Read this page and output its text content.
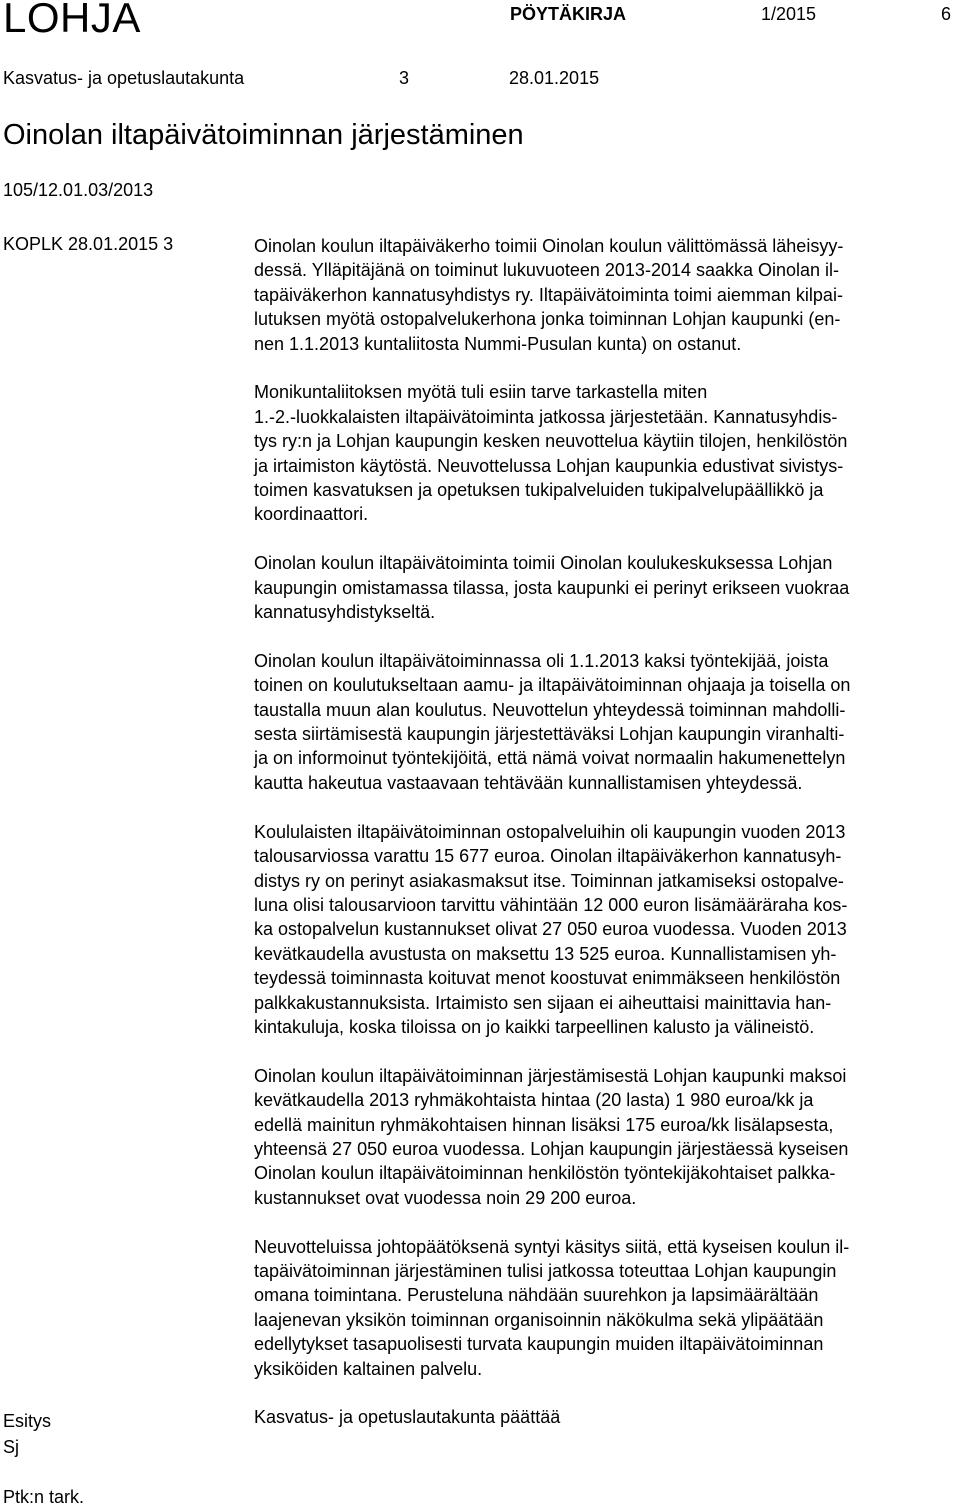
LOHJA	PÖYTÄKIRJA	1/2015	6
Kasvatus- ja opetuslautakunta	3	28.01.2015
Oinolan iltapäivätoiminnan järjestäminen
105/12.01.03/2013
KOPLK 28.01.2015 3	Oinolan koulun iltapäiväkerho toimii Oinolan koulun välittömässä läheisyy-
dessä. Ylläpitäjänä on toiminut lukuvuoteen 2013-2014 saakka Oinolan il-
tapäiväkerhon kannatusyhdistys ry. Iltapäivätoiminta toimi aiemman kilpai-
lutuksen myötä ostopalvelukerhona jonka toiminnan Lohjan kaupunki (en-
nen 1.1.2013 kuntaliitosta Nummi-Pusulan kunta) on ostanut.

Monikuntaliitoksen myötä tuli esiin tarve tarkastella miten
1.-2.-luokkalaisten iltapäivätoiminta jatkossa järjestetään. Kannatusyhdis-
tys ry:n ja Lohjan kaupungin kesken neuvottelua käytiin tilojen, henkilöstön
ja irtaimiston käytöstä. Neuvottelussa Lohjan kaupunkia edustivat sivistys-
toimen kasvatuksen ja opetuksen tukipalveluiden tukipalvelupäällikkö ja
koordinaattori.

Oinolan koulun iltapäivätoiminta toimii Oinolan koulukeskuksessa Lohjan
kaupungin omistamassa tilassa, josta kaupunki ei perinyt erikseen vuokraa
kannatusyhdistykseltä.

Oinolan koulun iltapäivätoiminnassa oli 1.1.2013 kaksi työntekijää, joista
toinen on koulutukseltaan aamu- ja iltapäivätoiminnan ohjaaja ja toisella on
taustalla muun alan koulutus. Neuvottelun yhteydessä toiminnan mahdolli-
sesta siirtämisestä kaupungin järjestettäväksi Lohjan kaupungin viranhalti-
ja on informoinut työntekijöitä, että nämä voivat normaalin hakumenettelyn
kautta hakeutua vastaavaan tehtävään kunnallistamisen yhteydessä.

Koululaisten iltapäivätoiminnan ostopalveluihin oli kaupungin vuoden 2013
talousarviossa varattu 15 677 euroa. Oinolan iltapäiväkerhon kannatusyh-
distys ry on perinyt asiakasmaksut itse. Toiminnan jatkamiseksi ostopalve-
luna olisi talousarvioon tarvittu vähintään 12 000 euron lisämääräraha kos-
ka ostopalvelun kustannukset olivat 27 050 euroa vuodessa. Vuoden 2013
kevätkaudella avustusta on maksettu 13 525 euroa. Kunnallistamisen yh-
teydessä toiminnasta koituvat menot koostuvat enimmäkseen henkilöstön
palkkakustannuksista. Irtaimisto sen sijaan ei aiheuttaisi mainittavia han-
kintakuluja, koska tiloissa on jo kaikki tarpeellinen kalusto ja välineistö.

Oinolan koulun iltapäivätoiminnan järjestämisestä Lohjan kaupunki maksoi
kevätkaudella 2013 ryhmäkohtaista hintaa (20 lasta) 1 980 euroa/kk ja
edellä mainitun ryhmäkohtaisen hinnan lisäksi 175 euroa/kk lisälapsesta,
yhteensä 27 050 euroa vuodessa. Lohjan kaupungin järjestäessä kyseisen
Oinolan koulun iltapäivätoiminnan henkilöstön työntekijäkohtaiset palkka-
kustannukset ovat vuodessa noin 29 200 euroa.

Neuvotteluissa johtopäätöksenä syntyi käsitys siitä, että kyseisen koulun il-
tapäivätoiminnan järjestäminen tulisi jatkossa toteuttaa Lohjan kaupungin
omana toimintana. Perusteluna nähdään suurehkon ja lapsimäärältään
laajenevan yksikön toiminnan organisoinnin näkökulma sekä ylipäätään
edellytykset tasapuolisesti turvata kaupungin muiden iltapäivätoiminnan
yksiköiden kaltainen palvelu.

Kasvatus- ja opetuslautakunta päättää

Esitys
Sj
Ptk:n tark.
